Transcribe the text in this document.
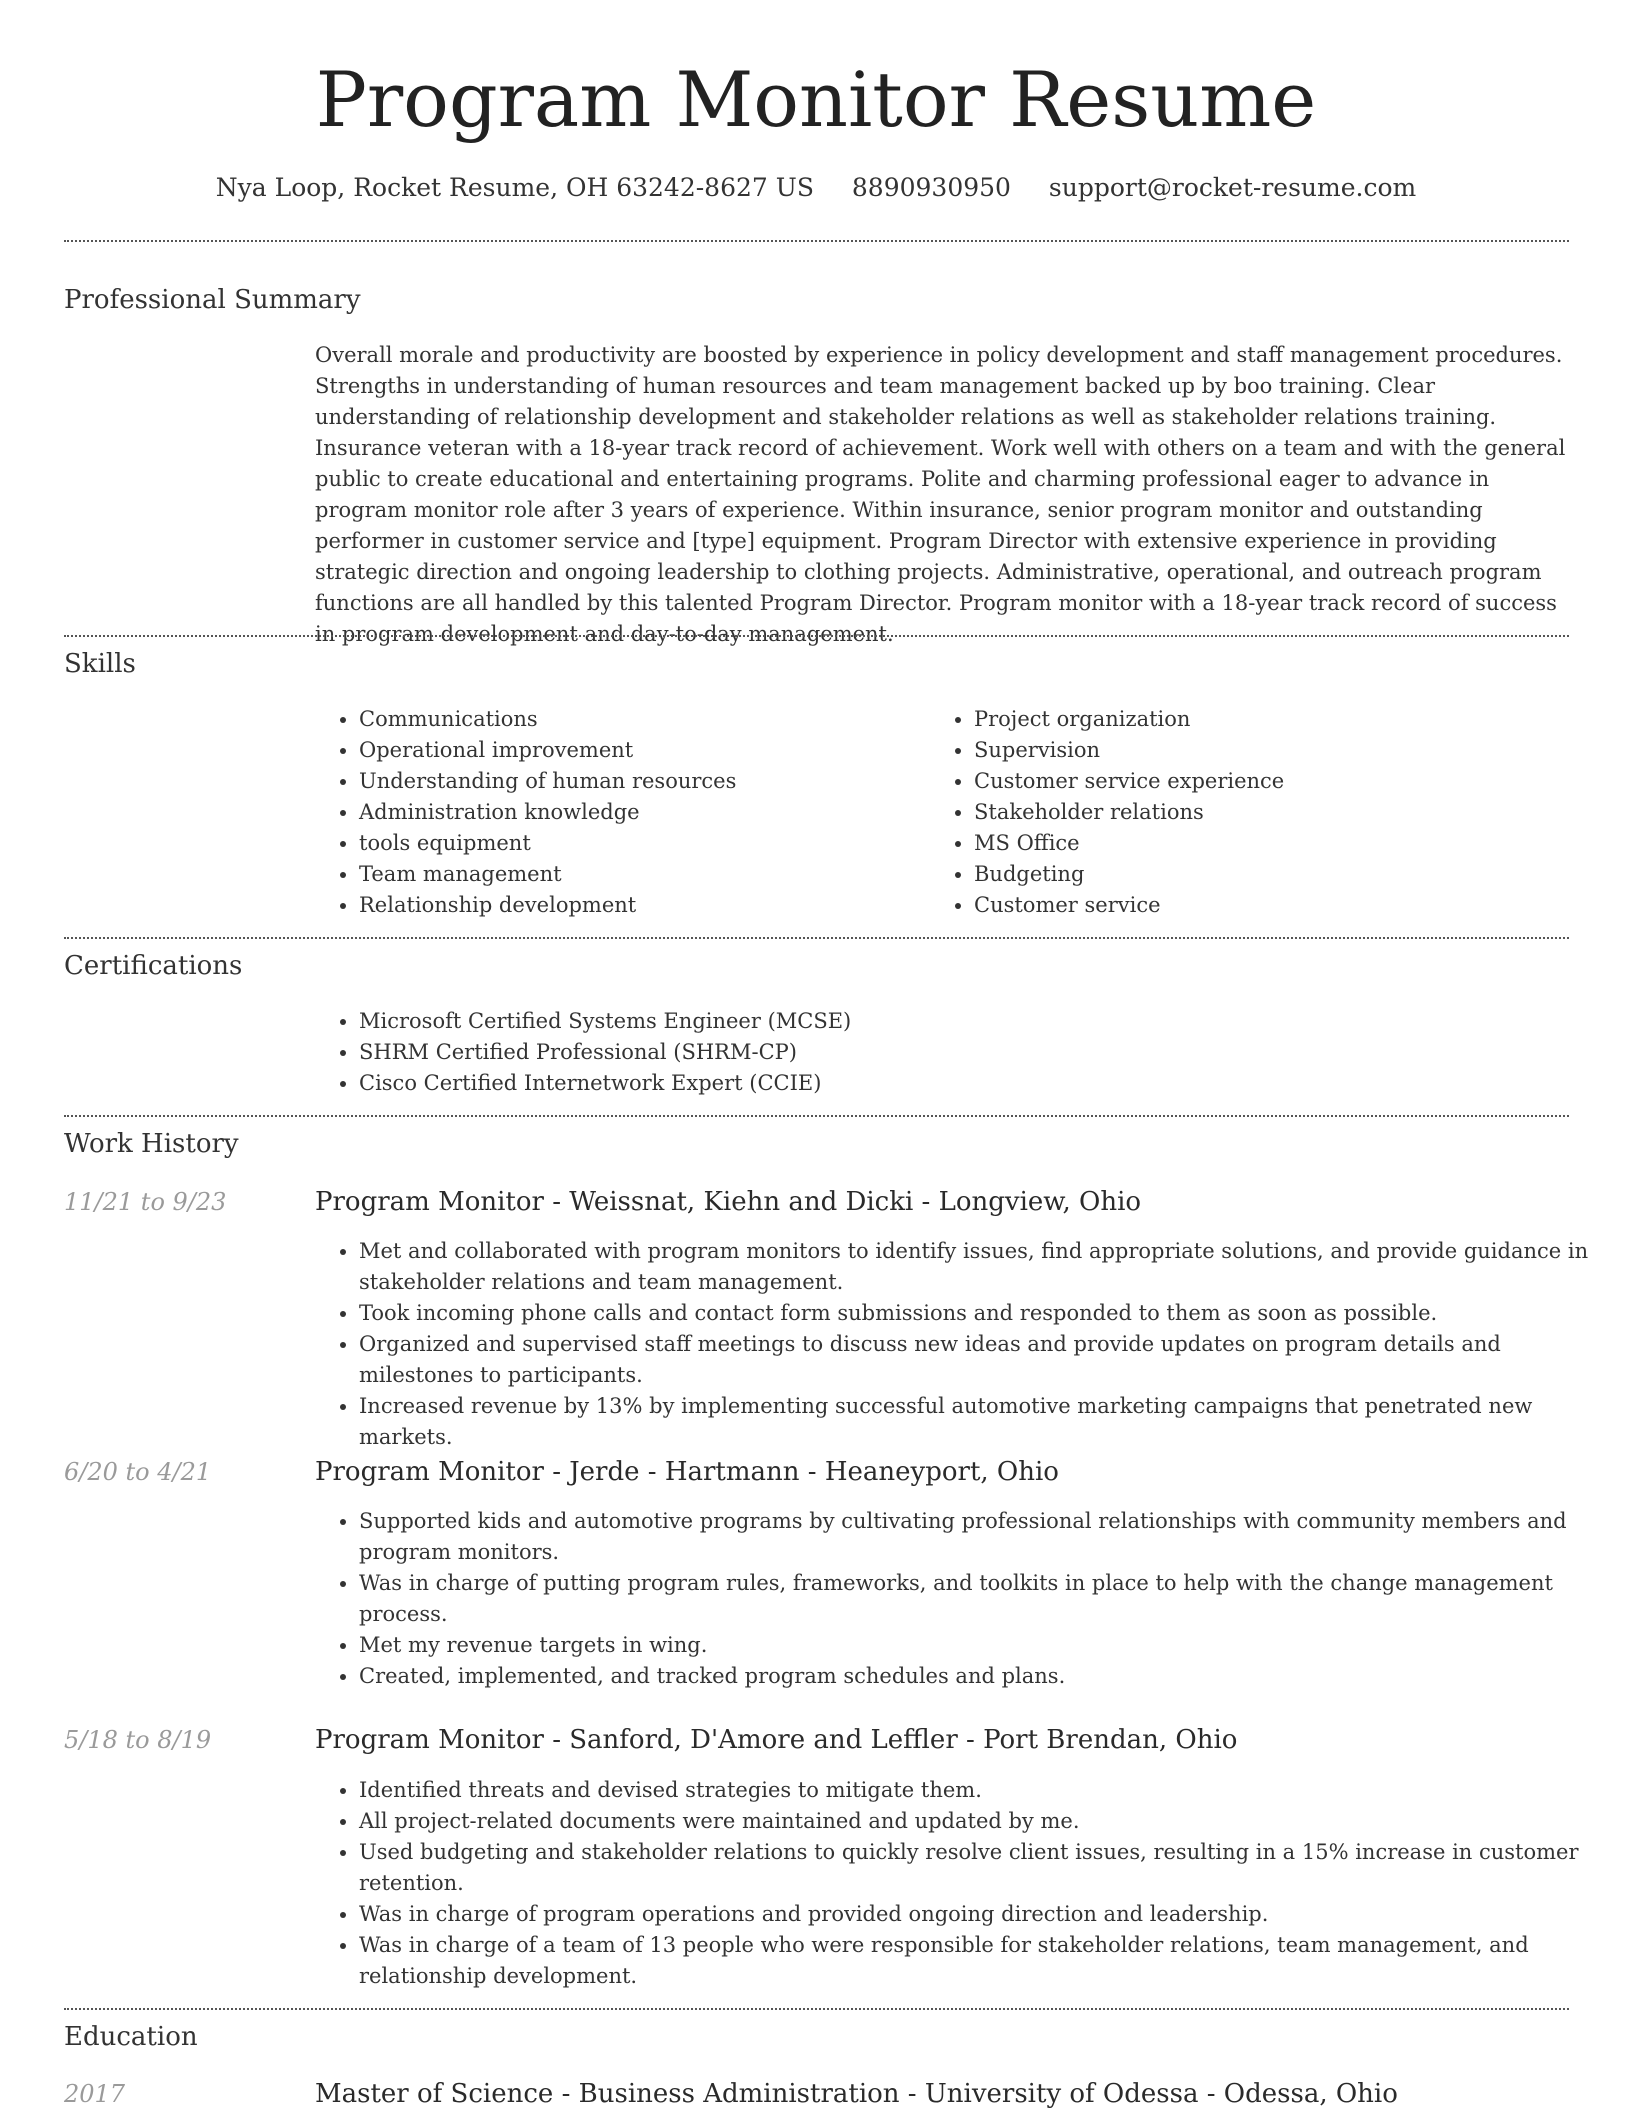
Program Monitor Resume
Nya Loop, Rocket Resume, OH 63242-8627 US 8890930950 support@rocket-resume.com
Professional Summary

Overall morale and productivity are boosted by experience in policy development and staff management procedures. Strengths in understanding of human resources and team management backed up by boo training. Clear understanding of relationship development and stakeholder relations as well as stakeholder relations training. Insurance veteran with a 18-year track record of achievement. Work well with others on a team and with the general public to create educational and entertaining programs. Polite and charming professional eager to advance in program monitor role after 3 years of experience. Within insurance, senior program monitor and outstanding performer in customer service and [type] equipment. Program Director with extensive experience in providing strategic direction and ongoing leadership to clothing projects. Administrative, operational, and outreach program functions are all handled by this talented Program Director. Program monitor with a 18-year track record of success in program development and day-to-day management.

Skills
• Communications
• Operational improvement
• Understanding of human resources
• Administration knowledge
• tools equipment
• Team management
• Relationship development
• Project organization
• Supervision
• Customer service experience
• Stakeholder relations
• MS Office
• Budgeting
• Customer service
Certifications
• Microsoft Certified Systems Engineer (MCSE)
• SHRM Certified Professional (SHRM-CP)
• Cisco Certified Internetwork Expert (CCIE)
Work History
11/21 to 9/23	Program Monitor - Weissnat, Kiehn and Dicki - Longview, Ohio
• Met and collaborated with program monitors to identify issues, find appropriate solutions, and provide guidance in stakeholder relations and team management.
• Took incoming phone calls and contact form submissions and responded to them as soon as possible.
• Organized and supervised staff meetings to discuss new ideas and provide updates on program details and milestones to participants.
• Increased revenue by 13% by implementing successful automotive marketing campaigns that penetrated new markets.
6/20 to 4/21	Program Monitor - Jerde - Hartmann - Heaneyport, Ohio
• Supported kids and automotive programs by cultivating professional relationships with community members and program monitors.
• Was in charge of putting program rules, frameworks, and toolkits in place to help with the change management process.
• Met my revenue targets in wing.
• Created, implemented, and tracked program schedules and plans.
5/18 to 8/19	Program Monitor - Sanford, D'Amore and Leffler - Port Brendan, Ohio
• Identified threats and devised strategies to mitigate them.
• All project-related documents were maintained and updated by me.
• Used budgeting and stakeholder relations to quickly resolve client issues, resulting in a 15% increase in customer retention.
• Was in charge of program operations and provided ongoing direction and leadership.
• Was in charge of a team of 13 people who were responsible for stakeholder relations, team management, and relationship development.
Education
2017	Master of Science - Business Administration - University of Odessa - Odessa, Ohio
